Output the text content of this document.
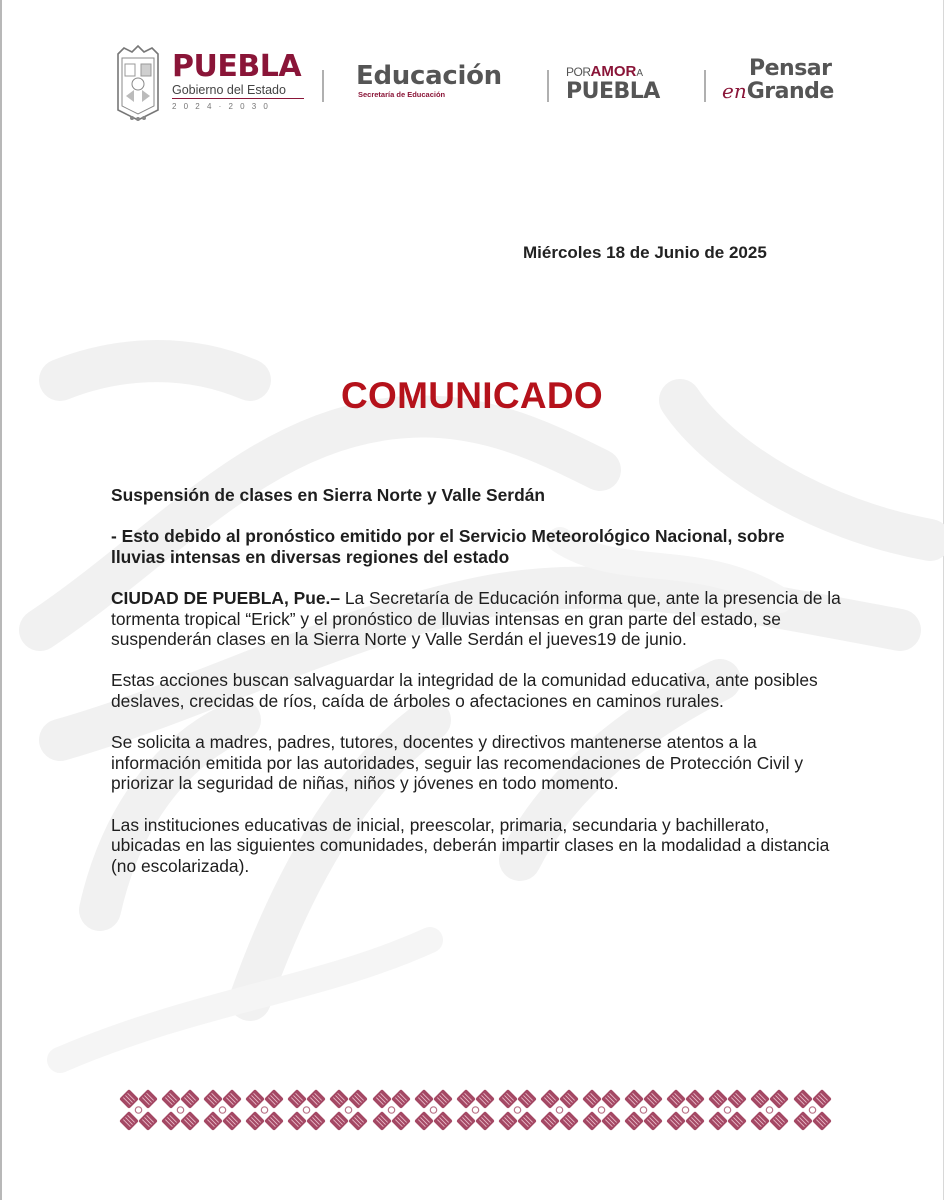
PUEBLA
Gobierno del Estado
2024·2030
Educación
Secretaría de Educación
PORAMORA
PUEBLA
Pensar
enGrande
Miércoles 18 de Junio de 2025
COMUNICADO

Suspensión de clases en Sierra Norte y Valle Serdán

- Esto debido al pronóstico emitido por el Servicio Meteorológico Nacional, sobre lluvias intensas en diversas regiones del estado

CIUDAD DE PUEBLA, Pue.– La Secretaría de Educación informa que, ante la presencia de la tormenta tropical “Erick” y el pronóstico de lluvias intensas en gran parte del estado, se suspenderán clases en la Sierra Norte y Valle Serdán el jueves19 de junio.

Estas acciones buscan salvaguardar la integridad de la comunidad educativa, ante posibles deslaves, crecidas de ríos, caída de árboles o afectaciones en caminos rurales.

Se solicita a madres, padres, tutores, docentes y directivos mantenerse atentos a la información emitida por las autoridades, seguir las recomendaciones de Protección Civil y priorizar la seguridad de niñas, niños y jóvenes en todo momento.

Las instituciones educativas de inicial, preescolar, primaria, secundaria y bachillerato, ubicadas en las siguientes comunidades, deberán impartir clases en la modalidad a distancia (no escolarizada).
